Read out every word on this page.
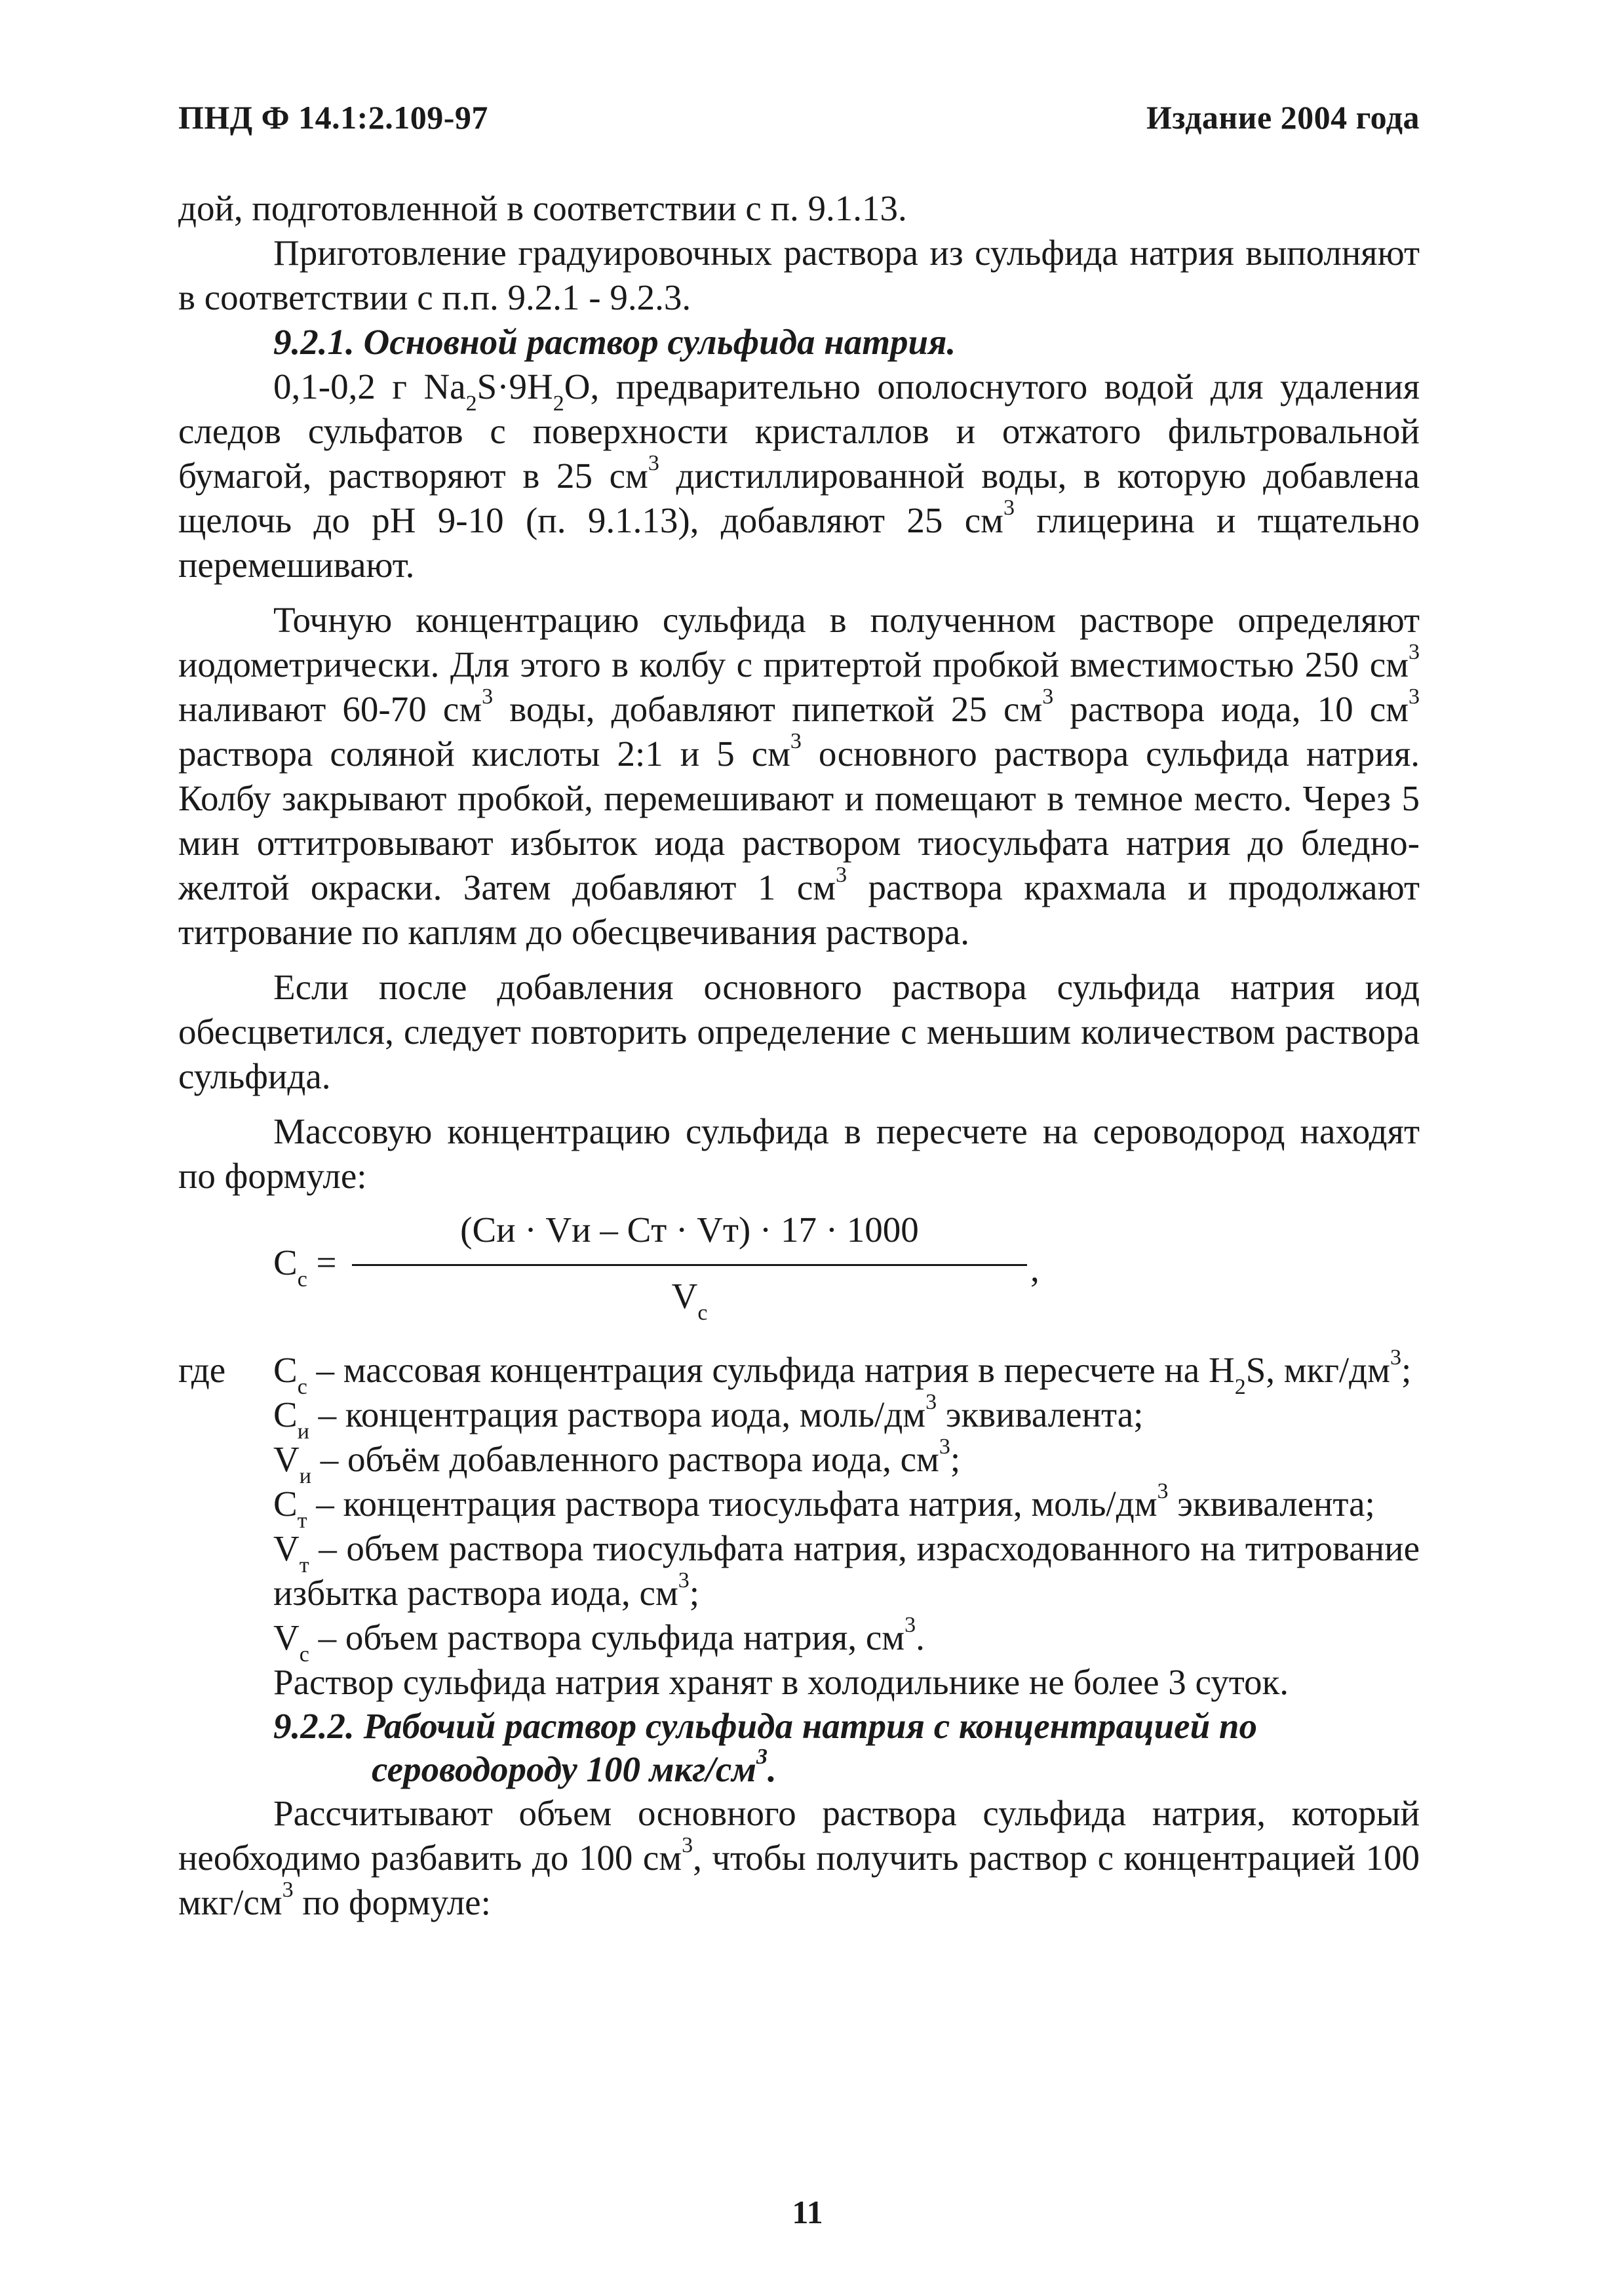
ПНД Ф 14.1:2.109-97	Издание 2004 года

дой, подготовленной в соответствии с п. 9.1.13.

Приготовление градуировочных раствора из сульфида натрия выполняют в соответствии с п.п. 9.2.1 - 9.2.3.

9.2.1. Основной раствор сульфида натрия.

0,1-0,2 г $Na_2S\cdot 9H_2O$, предварительно ополоснутого водой для удаления следов сульфатов с поверхности кристаллов и отжатого фильтровальной бумагой, растворяют в 25 $см^3$ дистиллированной воды, в которую добавлена щелочь до pH 9-10 (п. 9.1.13), добавляют 25 $см^3$ глицерина и тщательно перемешивают.

Точную концентрацию сульфида в полученном растворе определяют иодометрически. Для этого в колбу с притертой пробкой вместимостью 250 $см^3$ наливают 60-70 $см^3$ воды, добавляют пипеткой 25 $см^3$ раствора иода, 10 $см^3$ раствора соляной кислоты 2:1 и 5 $см^3$ основного раствора сульфида натрия. Колбу закрывают пробкой, перемешивают и помещают в темное место. Через 5 мин оттитровывают избыток иода раствором тиосульфата натрия до бледно-желтой окраски. Затем добавляют 1 $см^3$ раствора крахмала и продолжают титрование по каплям до обесцвечивания раствора.

Если после добавления основного раствора сульфида натрия иод обесцветился, следует повторить определение с меньшим количеством раствора сульфида.

Массовую концентрацию сульфида в пересчете на сероводород находят по формуле:

$C_с$ =
(Cи · Vи – Cт · Vт) · 17 · 1000
$V_с$
,
где $C_с$ – массовая концентрация сульфида натрия в пересчете на $H_2S$, мкг/$дм^3$;

$C_и$ – концентрация раствора иода, моль/$дм^3$ эквивалента;

$V_и$ – объём добавленного раствора иода, $см^3$;

$C_т$ – концентрация раствора тиосульфата натрия, моль/$дм^3$ эквивалента;

$V_т$ – объем раствора тиосульфата натрия, израсходованного на титрование избытка раствора иода, $см^3$;

$V_с$ – объем раствора сульфида натрия, $см^3$.

Раствор сульфида натрия хранят в холодильнике не более 3 суток.

9.2.2. Рабочий раствор сульфида натрия с концентрацией по
сероводороду 100 мкг/$см^3$.

Рассчитывают объем основного раствора сульфида натрия, который необходимо разбавить до 100 $см^3$, чтобы получить раствор с концентрацией 100 мкг/$см^3$ по формуле:

11
